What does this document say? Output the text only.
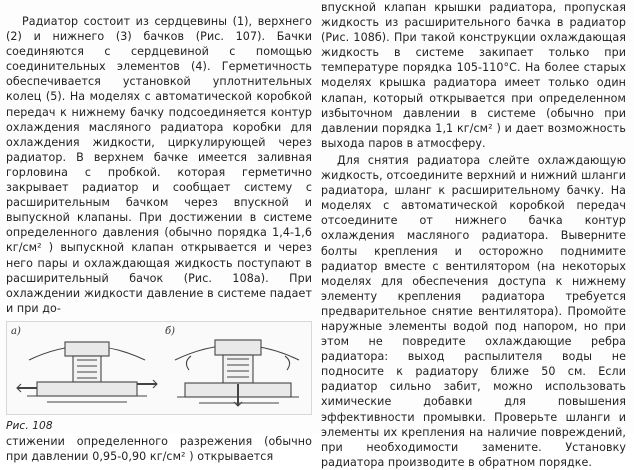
Радиатор состоит из сердцевины (1), верхнего (2) и нижнего (3) бачков (Рис. 107). Бачки соединяются с сердцевиной с помощью соединительных элементов (4). Герметичность обеспечивается установкой уплотнительных колец (5). На моделях с автоматической коробкой передач к нижнему бачку подсоединяется контур охлаждения масляного радиатора коробки для охлаждения жидкости, циркулирующей через радиатор. В верхнем бачке имеется заливная горловина с пробкой. которая герметично закрывает радиатор и сообщает систему с расширительным бачком через впускной и выпускной клапаны. При достижении в системе определенного давления (обычно порядка 1,4-1,6 кг/см² ) выпускной клапан открывается и через него пары и охлаждающая жидкость поступают в расширительный бачок (Рис. 108а). При охлаждении жидкости давление в системе падает и при до-

а)	б)

Рис. 108

стижении определенного разрежения (обычно при давлении 0,95-0,90 кг/см² ) открывается

впускной клапан крышки радиатора, пропуская жидкость из расширительного бачка в радиатор (Рис. 108б). При такой конструкции охлаждающая жидкость в системе закипает только при температуре порядка 105-110°С. На более старых моделях крышка радиатора имеет только один клапан, который открывается при определенном избыточном давлении в системе (обычно при давлении порядка 1,1 кг/см² ) и дает возможность выхода паров в атмосферу.

Для снятия радиатора слейте охлаждающую жидкость, отсоедините верхний и нижний шланги радиатора, шланг к расширительному бачку. На моделях с автоматической коробкой передач отсоедините от нижнего бачка контур охлаждения масляного радиатора. Выверните болты крепления и осторожно поднимите радиатор вместе с вентилятором (на некоторых моделях для обеспечения доступа к нижнему элементу крепления радиатора требуется предварительное снятие вентилятора). Промойте наружные элементы водой под напором, но при этом не повредите охлаждающие ребра радиатора: выход распылителя воды не подносите к радиатору ближе 50 см. Если радиатор сильно забит, можно использовать химические добавки для повышения эффективности промывки. Проверьте шланги и элементы их крепления на наличие повреждений, при необходимости замените. Установку радиатора производите в обратном порядке.
